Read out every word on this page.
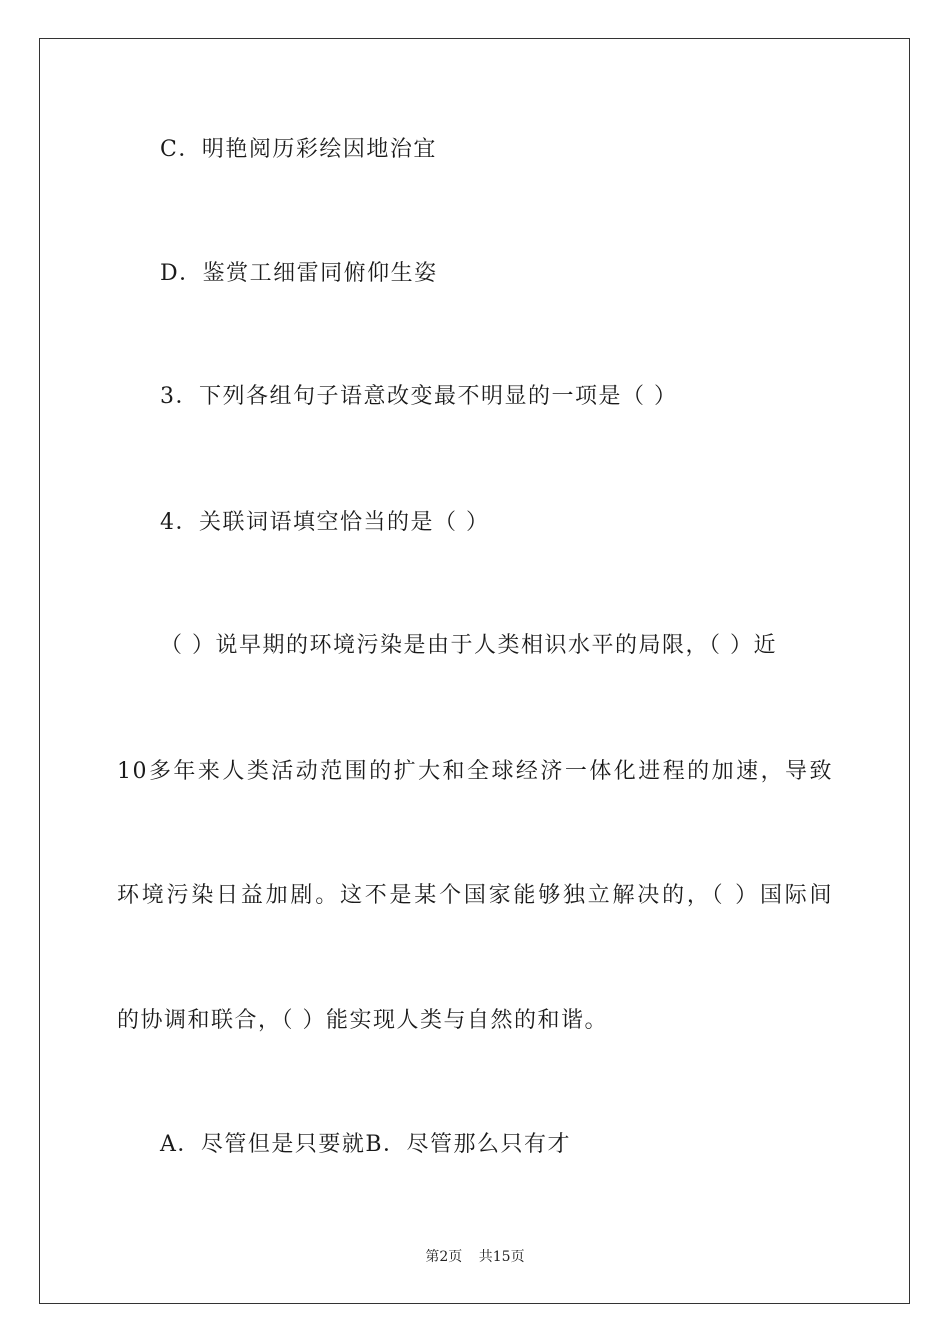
C．明艳阅历彩绘因地治宜
D．鉴赏工细雷同俯仰生姿
3．下列各组句子语意改变最不明显的一项是（ ）
4．关联词语填空恰当的是（ ）
（ ）说早期的环境污染是由于人类相识水平的局限，（ ）近
10多年来人类活动范围的扩大和全球经济一体化进程的加速，导致
环境污染日益加剧。这不是某个国家能够独立解决的，（ ）国际间
的协调和联合，（ ）能实现人类与自然的和谐。
A．尽管但是只要就B．尽管那么只有才
第2页 共15页
